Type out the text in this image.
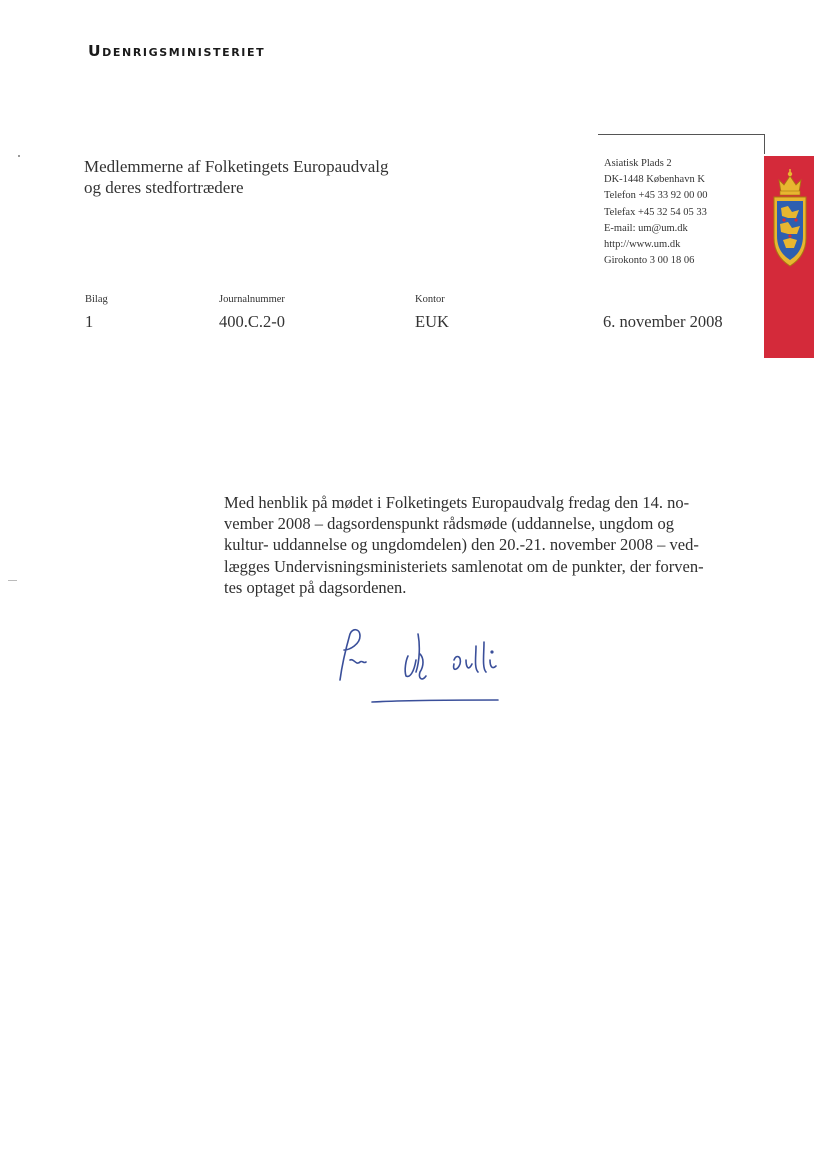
Udenrigsministeriet
Medlemmerne af Folketingets Europaudvalg
og deres stedfortrædere
Asiatisk Plads 2
DK-1448 København K
Telefon +45 33 92 00 00
Telefax +45 32 54 05 33
E-mail: um@um.dk
http://www.um.dk
Girokonto 3 00 18 06
Bilag
1
Journalnummer
400.C.2-0
Kontor
EUK	6. november 2008
Med henblik på mødet i Folketingets Europaudvalg fredag den 14. no-
vember 2008 – dagsordenspunkt rådsmøde (uddannelse, ungdom og
kultur- uddannelse og ungdomdelen) den 20.-21. november 2008 – ved-
lægges Undervisningsministeriets samlenotat om de punkter, der forven-
tes optaget på dagsordenen.
